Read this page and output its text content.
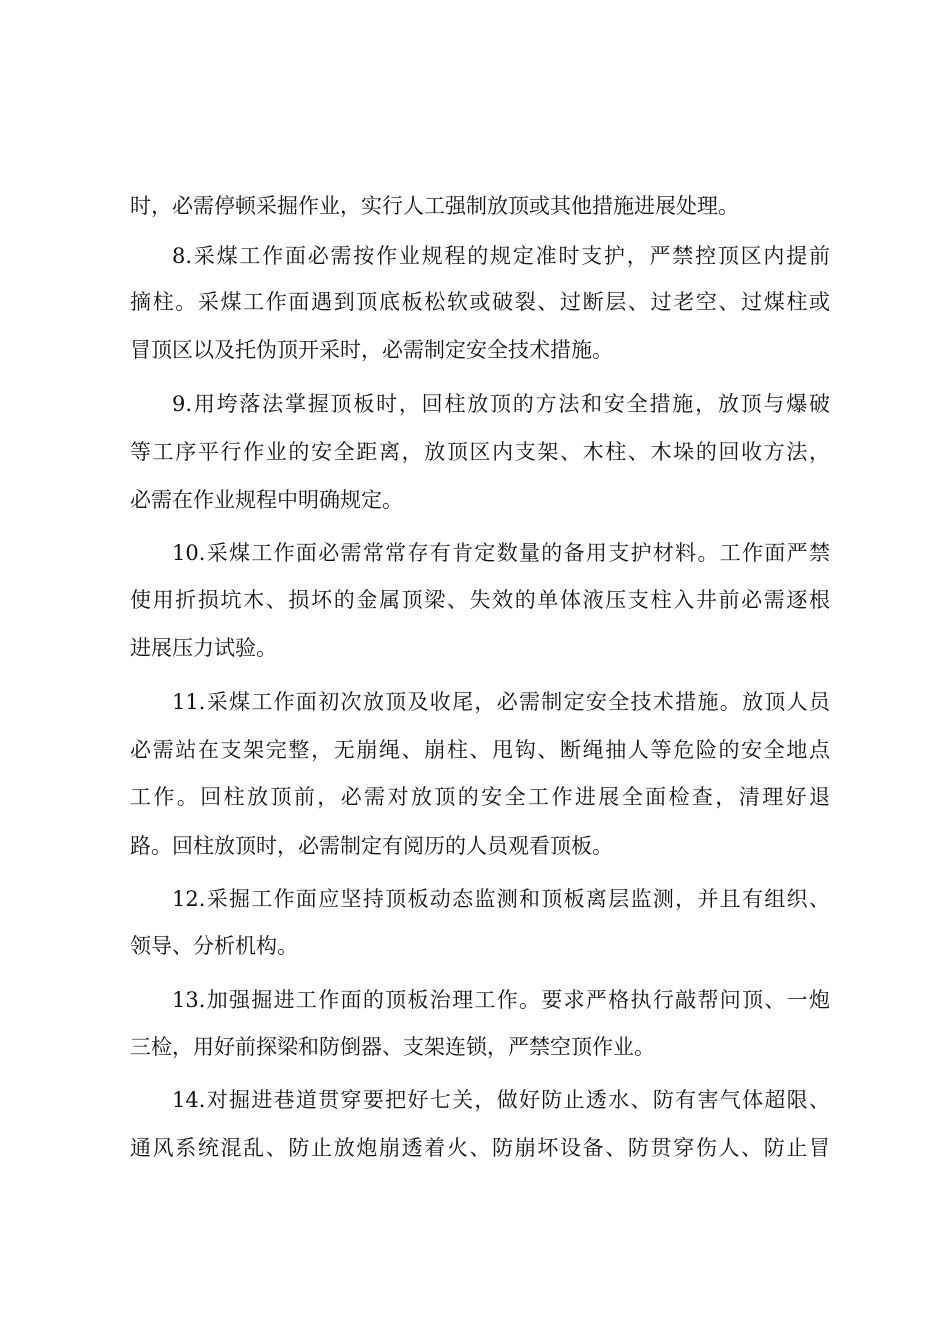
时，必需停顿采掘作业，实行人工强制放顶或其他措施进展处理。
8.采煤工作面必需按作业规程的规定准时支护，严禁控顶区内提前
摘柱。采煤工作面遇到顶底板松软或破裂、过断层、过老空、过煤柱或
冒顶区以及托伪顶开采时，必需制定安全技术措施。
9.用垮落法掌握顶板时，回柱放顶的方法和安全措施，放顶与爆破
等工序平行作业的安全距离，放顶区内支架、木柱、木垛的回收方法，
必需在作业规程中明确规定。
10.采煤工作面必需常常存有肯定数量的备用支护材料。工作面严禁
使用折损坑木、损坏的金属顶梁、失效的单体液压支柱入井前必需逐根
进展压力试验。
11.采煤工作面初次放顶及收尾，必需制定安全技术措施。放顶人员
必需站在支架完整，无崩绳、崩柱、甩钩、断绳抽人等危险的安全地点
工作。回柱放顶前，必需对放顶的安全工作进展全面检查，清理好退
路。回柱放顶时，必需制定有阅历的人员观看顶板。
12.采掘工作面应坚持顶板动态监测和顶板离层监测，并且有组织、
领导、分析机构。
13.加强掘进工作面的顶板治理工作。要求严格执行敲帮问顶、一炮
三检，用好前探梁和防倒器、支架连锁，严禁空顶作业。
14.对掘进巷道贯穿要把好七关，做好防止透水、防有害气体超限、
通风系统混乱、防止放炮崩透着火、防崩坏设备、防贯穿伤人、防止冒
